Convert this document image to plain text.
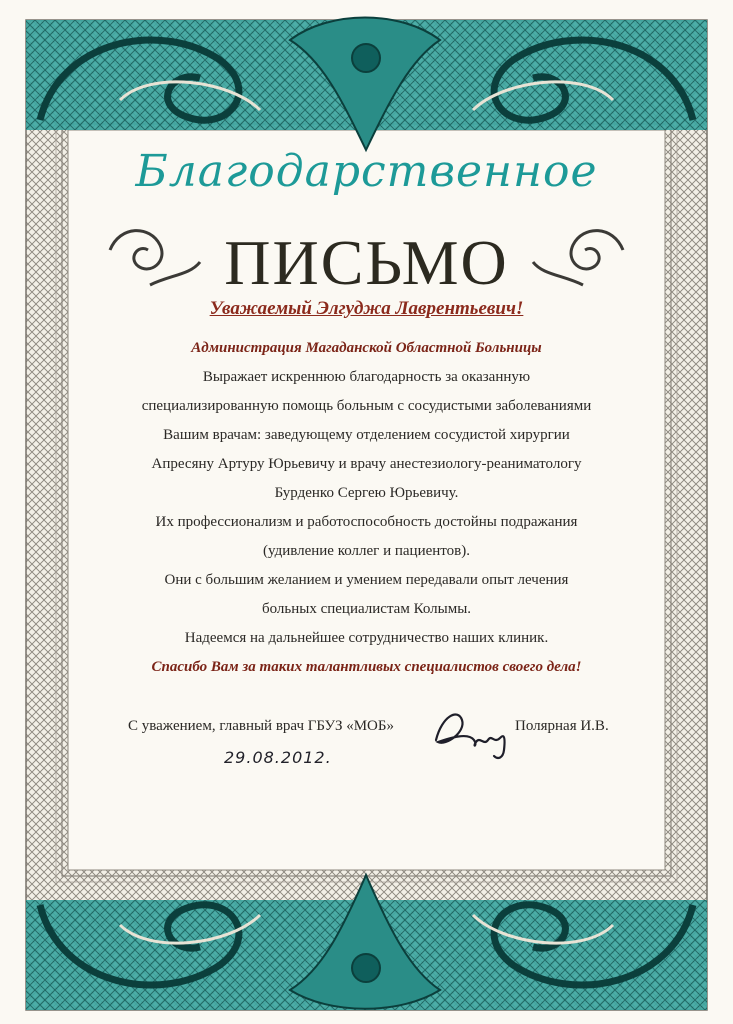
Благодарственное
ПИСЬМО
Уважаемый Элгуджа Лаврентьевич!
Администрация Магаданской Областной Больницы
Выражает искреннюю благодарность за оказанную
специализированную помощь больным с сосудистыми заболеваниями
Вашим врачам: заведующему отделением сосудистой хирургии
Апресяну Артуру Юрьевичу и врачу анестезиологу-реаниматологу
Бурденко Сергею Юрьевичу.
Их профессионализм и работоспособность достойны подражания
(удивление коллег и пациентов).
Они с большим желанием и умением передавали опыт лечения
больных специалистам Колымы.
Надеемся на дальнейшее сотрудничество наших клиник.
Спасибо Вам за таких талантливых специалистов своего дела!
С уважением, главный врач ГБУЗ «МОБ»	Полярная И.В.
29.08.2012.
